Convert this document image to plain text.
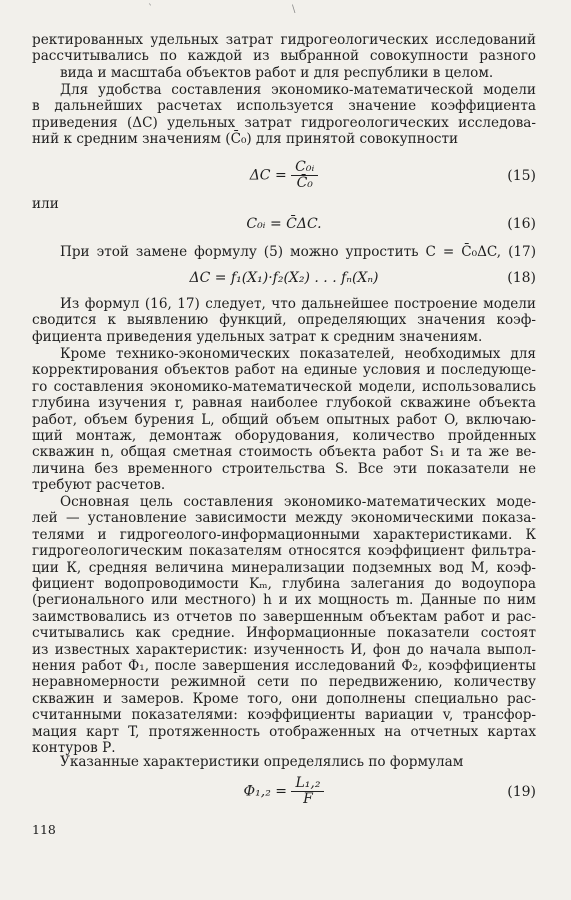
`	\
ректированных удельных затрат гидрогеологических исследований
рассчитывались по каждой из выбранной совокупности разного
вида и масштаба объектов работ и для республики в целом.
Для удобства составления экономико-математической модели
в дальнейших расчетах используется значение коэффициента
приведения (ΔC) удельных затрат гидрогеологических исследова-
ний к средним значениям (C̄₀) для принятой совокупности
$\Delta C = \frac{\text{C₀ᵢ}}{\text{C̄₀}}$	(15)
или
C₀ᵢ = C̄ΔC.	(16)
При этой замене формулу (5) можно упростить C = C̄₀ΔC, (17)
ΔC = f₁(X₁)·f₂(X₂) . . . fₙ(Xₙ)	(18)
Из формул (16, 17) следует, что дальнейшее построение модели
сводится к выявлению функций, определяющих значения коэф-
фициента приведения удельных затрат к средним значениям.
Кроме технико-экономических показателей, необходимых для
корректирования объектов работ на единые условия и последующе-
го составления экономико-математической модели, использовались
глубина изучения r, равная наиболее глубокой скважине объекта
работ, объем бурения L, общий объем опытных работ O, включаю-
щий монтаж, демонтаж оборудования, количество пройденных
скважин n, общая сметная стоимость объекта работ S₁ и та же ве-
личина без временного строительства S. Все эти показатели не
требуют расчетов.
Основная цель составления экономико-математических моде-
лей — установление зависимости между экономическими показа-
телями и гидрогеолого-информационными характеристиками. К
гидрогеологическим показателям относятся коэффициент фильтра-
ции К, средняя величина минерализации подземных вод М, коэф-
фициент водопроводимости Kₘ, глубина залегания до водоупора
(регионального или местного) h и их мощность m. Данные по ним
заимствовались из отчетов по завершенным объектам работ и рас-
считывались как средние. Информационные показатели состоят
из известных характеристик: изученность И, фон до начала выпол-
нения работ Ф₁, после завершения исследований Ф₂, коэффициенты
неравномерности режимной сети по передвижению, количеству
скважин и замеров. Кроме того, они дополнены специально рас-
считанными показателями: коэффициенты вариации v, трансфор-
мация карт T, протяженность отображенных на отчетных картах
контуров Р.
Указанные характеристики определялись по формулам
$Ф_1,_2 = \frac{\text{L₁,₂}}{F}$	(19)
118
